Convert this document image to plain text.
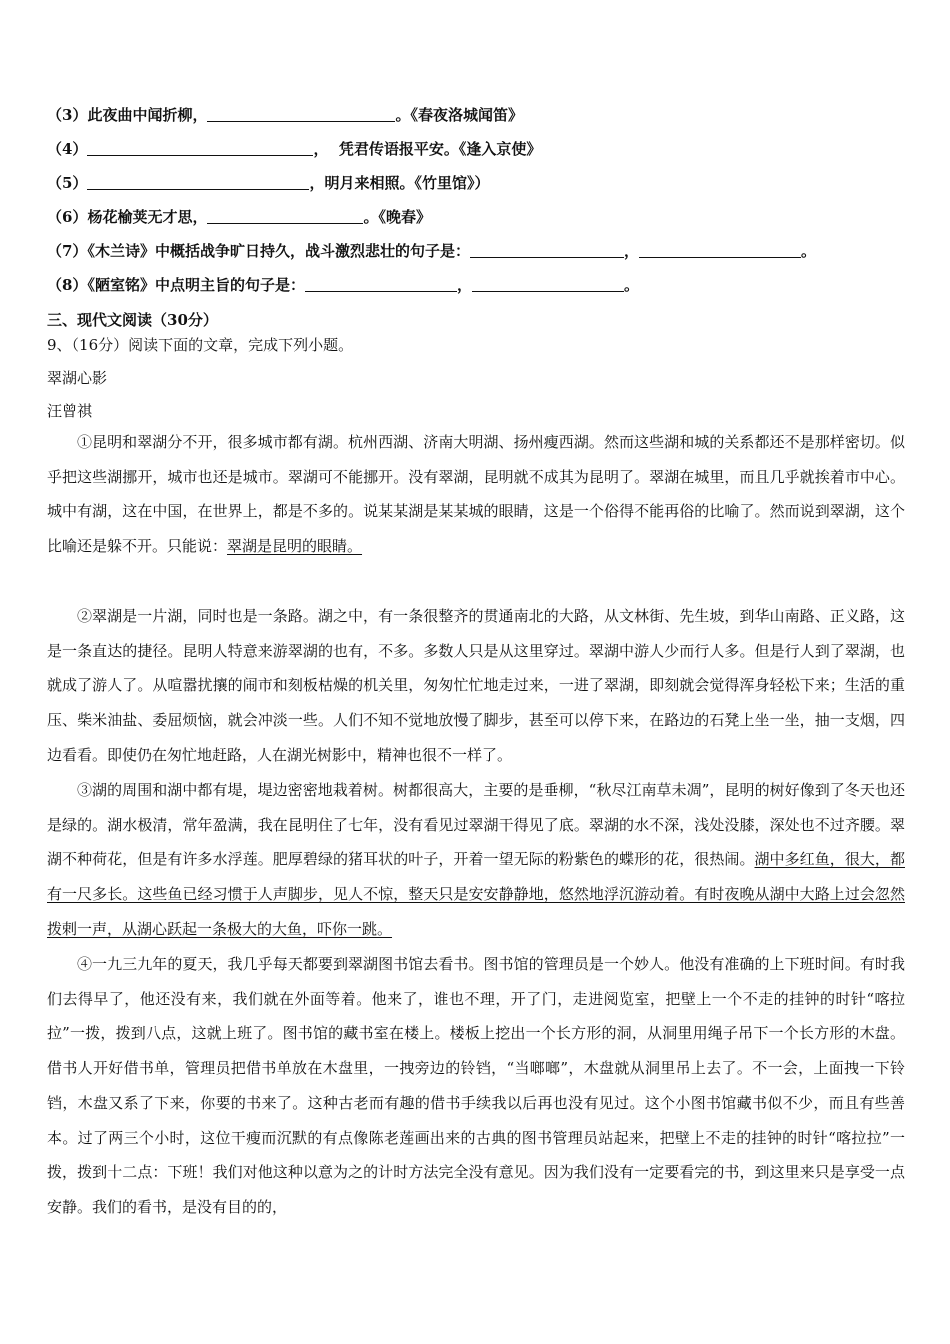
（3）此夜曲中闻折柳，	。《春夜洛城闻笛》
（4）	，  凭君传语报平安。《逢入京使》
（5）	，明月来相照。《竹里馆》）
（6）杨花榆荚无才思，	。《晚春》
（7）《木兰诗》中概括战争旷日持久，战斗激烈悲壮的句子是：	，	。
（8）《陋室铭》中点明主旨的句子是：	，	。
三、现代文阅读（30分）
9、（16分）阅读下面的文章，完成下列小题。
翠湖心影
汪曾祺
①昆明和翠湖分不开，很多城市都有湖。杭州西湖、济南大明湖、扬州瘦西湖。然而这些湖和城的关系都还不是那样密切。似乎把这些湖挪开，城市也还是城市。翠湖可不能挪开。没有翠湖，昆明就不成其为昆明了。翠湖在城里，而且几乎就挨着市中心。城中有湖，这在中国，在世界上，都是不多的。说某某湖是某某城的眼睛，这是一个俗得不能再俗的比喻了。然而说到翠湖，这个比喻还是躲不开。只能说：翠湖是昆明的眼睛。
②翠湖是一片湖，同时也是一条路。湖之中，有一条很整齐的贯通南北的大路，从文林街、先生坡，到华山南路、正义路，这是一条直达的捷径。昆明人特意来游翠湖的也有，不多。多数人只是从这里穿过。翠湖中游人少而行人多。但是行人到了翠湖，也就成了游人了。从喧嚣扰攘的闹市和刻板枯燥的机关里，匆匆忙忙地走过来，一进了翠湖，即刻就会觉得浑身轻松下来；生活的重压、柴米油盐、委屈烦恼，就会冲淡一些。人们不知不觉地放慢了脚步，甚至可以停下来，在路边的石凳上坐一坐，抽一支烟，四边看看。即使仍在匆忙地赶路，人在湖光树影中，精神也很不一样了。
③湖的周围和湖中都有堤，堤边密密地栽着树。树都很高大，主要的是垂柳，“秋尽江南草未凋”，昆明的树好像到了冬天也还是绿的。湖水极清，常年盈满，我在昆明住了七年，没有看见过翠湖干得见了底。翠湖的水不深，浅处没膝，深处也不过齐腰。翠湖不种荷花，但是有许多水浮莲。肥厚碧绿的猪耳状的叶子，开着一望无际的粉紫色的蝶形的花，很热闹。湖中多红鱼，很大，都有一尺多长。这些鱼已经习惯于人声脚步，见人不惊，整天只是安安静静地，悠然地浮沉游动着。有时夜晚从湖中大路上过会忽然拨剌一声，从湖心跃起一条极大的大鱼，吓你一跳。
④一九三九年的夏天，我几乎每天都要到翠湖图书馆去看书。图书馆的管理员是一个妙人。他没有准确的上下班时间。有时我们去得早了，他还没有来，我们就在外面等着。他来了，谁也不理，开了门，走进阅览室，把壁上一个不走的挂钟的时针“喀拉拉”一拨，拨到八点，这就上班了。图书馆的藏书室在楼上。楼板上挖出一个长方形的洞，从洞里用绳子吊下一个长方形的木盘。借书人开好借书单，管理员把借书单放在木盘里，一拽旁边的铃铛，“当啷啷”，木盘就从洞里吊上去了。不一会，上面拽一下铃铛，木盘又系了下来，你要的书来了。这种古老而有趣的借书手续我以后再也没有见过。这个小图书馆藏书似不少，而且有些善本。过了两三个小时，这位干瘦而沉默的有点像陈老莲画出来的古典的图书管理员站起来，把壁上不走的挂钟的时针“喀拉拉”一拨，拨到十二点：下班！我们对他这种以意为之的计时方法完全没有意见。因为我们没有一定要看完的书，到这里来只是享受一点安静。我们的看书，是没有目的的，
